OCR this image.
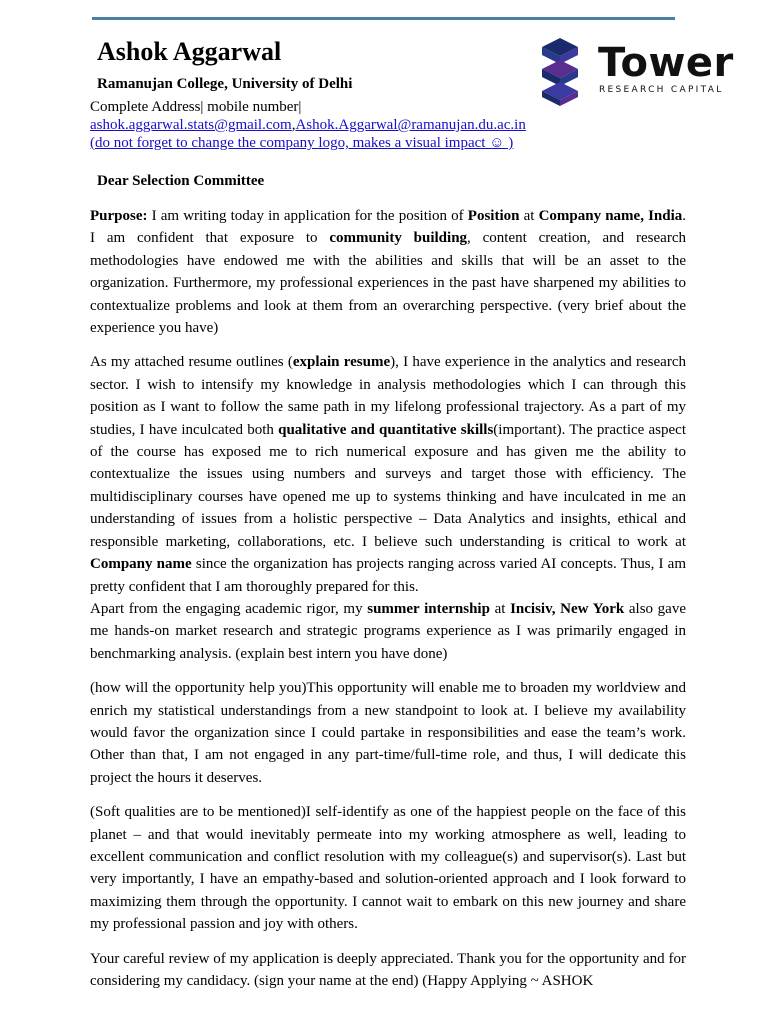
Ashok Aggarwal
Ramanujan College, University of Delhi
Complete Address| mobile number|
ashok.aggarwal.stats@gmail.com,Ashok.Aggarwal@ramanujan.du.ac.in
(do not forget to change the company logo, makes a visual impact ☺ )
Tower
RESEARCH CAPITAL
Dear Selection Committee

Purpose: I am writing today in application for the position of Position at Company name, India. I am confident that exposure to community building, content creation, and research methodologies have endowed me with the abilities and skills that will be an asset to the organization. Furthermore, my professional experiences in the past have sharpened my abilities to contextualize problems and look at them from an overarching perspective. (very brief about the experience you have)

As my attached resume outlines (explain resume), I have experience in the analytics and research sector. I wish to intensify my knowledge in analysis methodologies which I can through this position as I want to follow the same path in my lifelong professional trajectory. As a part of my studies, I have inculcated both qualitative and quantitative skills(important). The practice aspect of the course has exposed me to rich numerical exposure and has given me the ability to contextualize the issues using numbers and surveys and target those with efficiency. The multidisciplinary courses have opened me up to systems thinking and have inculcated in me an understanding of issues from a holistic perspective – Data Analytics and insights, ethical and responsible marketing, collaborations, etc. I believe such understanding is critical to work at Company name since the organization has projects ranging across varied AI concepts. Thus, I am pretty confident that I am thoroughly prepared for this.

Apart from the engaging academic rigor, my summer internship at Incisiv, New York also gave me hands-on market research and strategic programs experience as I was primarily engaged in benchmarking analysis. (explain best intern you have done)

(how will the opportunity help you)This opportunity will enable me to broaden my worldview and enrich my statistical understandings from a new standpoint to look at. I believe my availability would favor the organization since I could partake in responsibilities and ease the team’s work. Other than that, I am not engaged in any part-time/full-time role, and thus, I will dedicate this project the hours it deserves.

(Soft qualities are to be mentioned)I self-identify as one of the happiest people on the face of this planet – and that would inevitably permeate into my working atmosphere as well, leading to excellent communication and conflict resolution with my colleague(s) and supervisor(s). Last but very importantly, I have an empathy-based and solution-oriented approach and I look forward to maximizing them through the opportunity. I cannot wait to embark on this new journey and share my professional passion and joy with others.

Your careful review of my application is deeply appreciated. Thank you for the opportunity and for considering my candidacy. (sign your name at the end) (Happy Applying ~ ASHOK
